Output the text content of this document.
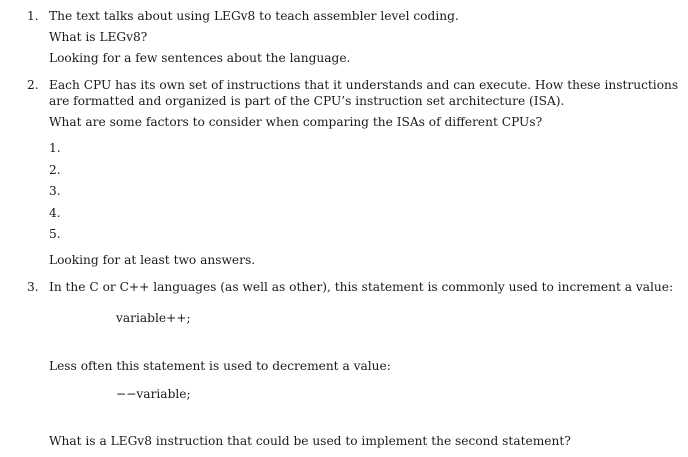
1. The text talks about using LEGv8 to teach assembler level coding.
What is LEGv8?
Looking for a few sentences about the language.
2. Each CPU has its own set of instructions that it understands and can execute. How these instructions
are formatted and organized is part of the CPU’s instruction set architecture (ISA).
What are some factors to consider when comparing the ISAs of different CPUs?
1.
2.
3.
4.
5.
Looking for at least two answers.
3. In the C or C++ languages (as well as other), this statement is commonly used to increment a value:
variable++;
Less often this statement is used to decrement a value:
−−variable;
What is a LEGv8 instruction that could be used to implement the second statement?
